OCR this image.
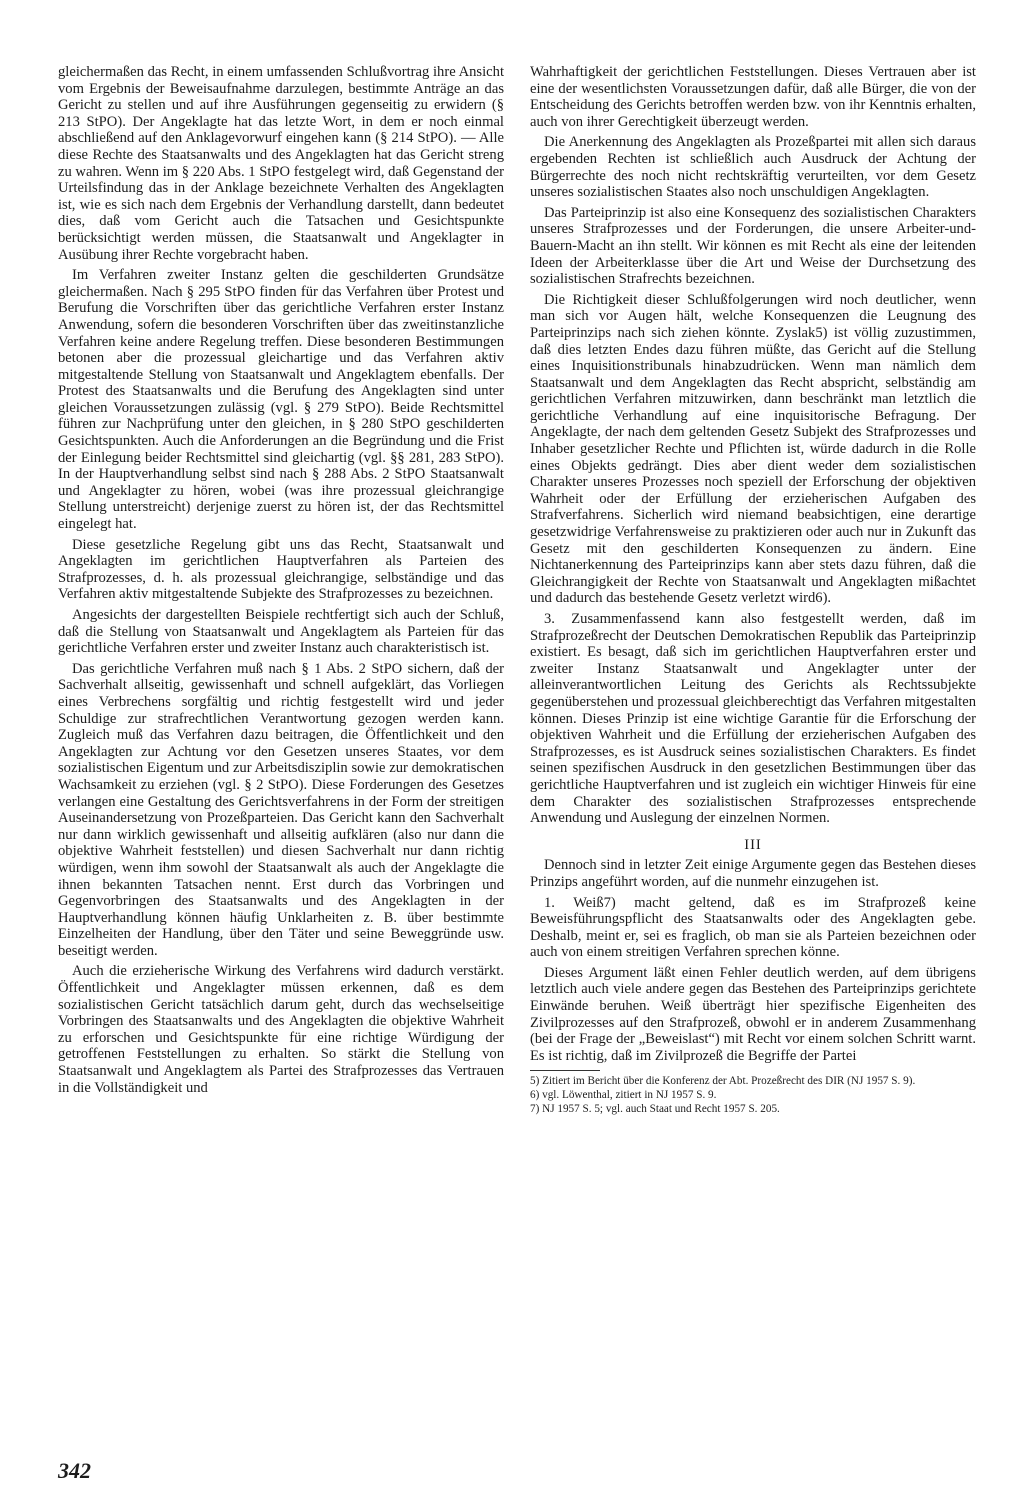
gleichermaßen das Recht, in einem umfassenden Schlußvortrag ihre Ansicht vom Ergebnis der Beweisaufnahme darzulegen, bestimmte Anträge an das Gericht zu stellen und auf ihre Ausführungen gegenseitig zu erwidern (§ 213 StPO). Der Angeklagte hat das letzte Wort, in dem er noch einmal abschließend auf den Anklagevorwurf eingehen kann (§ 214 StPO). — Alle diese Rechte des Staatsanwalts und des Angeklagten hat das Gericht streng zu wahren. Wenn im § 220 Abs. 1 StPO festgelegt wird, daß Gegenstand der Urteilsfindung das in der Anklage bezeichnete Verhalten des Angeklagten ist, wie es sich nach dem Ergebnis der Verhandlung darstellt, dann bedeutet dies, daß vom Gericht auch die Tatsachen und Gesichtspunkte berücksichtigt werden müssen, die Staatsanwalt und Angeklagter in Ausübung ihrer Rechte vorgebracht haben.

Im Verfahren zweiter Instanz gelten die geschilderten Grundsätze gleichermaßen. Nach § 295 StPO finden für das Verfahren über Protest und Berufung die Vorschriften über das gerichtliche Verfahren erster Instanz Anwendung, sofern die besonderen Vorschriften über das zweitinstanzliche Verfahren keine andere Regelung treffen. Diese besonderen Bestimmungen betonen aber die prozessual gleichartige und das Verfahren aktiv mitgestaltende Stellung von Staatsanwalt und Angeklagtem ebenfalls. Der Protest des Staatsanwalts und die Berufung des Angeklagten sind unter gleichen Voraussetzungen zulässig (vgl. § 279 StPO). Beide Rechtsmittel führen zur Nachprüfung unter den gleichen, in § 280 StPO geschilderten Gesichtspunkten. Auch die Anforderungen an die Begründung und die Frist der Einlegung beider Rechtsmittel sind gleichartig (vgl. §§ 281, 283 StPO). In der Hauptverhandlung selbst sind nach § 288 Abs. 2 StPO Staatsanwalt und Angeklagter zu hören, wobei (was ihre prozessual gleichrangige Stellung unterstreicht) derjenige zuerst zu hören ist, der das Rechtsmittel eingelegt hat.

Diese gesetzliche Regelung gibt uns das Recht, Staatsanwalt und Angeklagten im gerichtlichen Hauptverfahren als Parteien des Strafprozesses, d. h. als prozessual gleichrangige, selbständige und das Verfahren aktiv mitgestaltende Subjekte des Strafprozesses zu bezeichnen.

Angesichts der dargestellten Beispiele rechtfertigt sich auch der Schluß, daß die Stellung von Staatsanwalt und Angeklagtem als Parteien für das gerichtliche Verfahren erster und zweiter Instanz auch charakteristisch ist.

Das gerichtliche Verfahren muß nach § 1 Abs. 2 StPO sichern, daß der Sachverhalt allseitig, gewissenhaft und schnell aufgeklärt, das Vorliegen eines Verbrechens sorgfältig und richtig festgestellt wird und jeder Schuldige zur strafrechtlichen Verantwortung gezogen werden kann. Zugleich muß das Verfahren dazu beitragen, die Öffentlichkeit und den Angeklagten zur Achtung vor den Gesetzen unseres Staates, vor dem sozialistischen Eigentum und zur Arbeitsdisziplin sowie zur demokratischen Wachsamkeit zu erziehen (vgl. § 2 StPO). Diese Forderungen des Gesetzes verlangen eine Gestaltung des Gerichtsverfahrens in der Form der streitigen Auseinandersetzung von Prozeßparteien. Das Gericht kann den Sachverhalt nur dann wirklich gewissenhaft und allseitig aufklären (also nur dann die objektive Wahrheit feststellen) und diesen Sachverhalt nur dann richtig würdigen, wenn ihm sowohl der Staatsanwalt als auch der Angeklagte die ihnen bekannten Tatsachen nennt. Erst durch das Vorbringen und Gegenvorbringen des Staatsanwalts und des Angeklagten in der Hauptverhandlung können häufig Unklarheiten z. B. über bestimmte Einzelheiten der Handlung, über den Täter und seine Beweggründe usw. beseitigt werden.

Auch die erzieherische Wirkung des Verfahrens wird dadurch verstärkt. Öffentlichkeit und Angeklagter müssen erkennen, daß es dem sozialistischen Gericht tatsächlich darum geht, durch das wechselseitige Vorbringen des Staatsanwalts und des Angeklagten die objektive Wahrheit zu erforschen und Gesichtspunkte für eine richtige Würdigung der getroffenen Feststellungen zu erhalten. So stärkt die Stellung von Staatsanwalt und Angeklagtem als Partei des Strafprozesses das Vertrauen in die Vollständigkeit und

Wahrhaftigkeit der gerichtlichen Feststellungen. Dieses Vertrauen aber ist eine der wesentlichsten Voraussetzungen dafür, daß alle Bürger, die von der Entscheidung des Gerichts betroffen werden bzw. von ihr Kenntnis erhalten, auch von ihrer Gerechtigkeit überzeugt werden.

Die Anerkennung des Angeklagten als Prozeßpartei mit allen sich daraus ergebenden Rechten ist schließlich auch Ausdruck der Achtung der Bürgerrechte des noch nicht rechtskräftig verurteilten, vor dem Gesetz unseres sozialistischen Staates also noch unschuldigen Angeklagten.

Das Parteiprinzip ist also eine Konsequenz des sozialistischen Charakters unseres Strafprozesses und der Forderungen, die unsere Arbeiter-und-Bauern-Macht an ihn stellt. Wir können es mit Recht als eine der leitenden Ideen der Arbeiterklasse über die Art und Weise der Durchsetzung des sozialistischen Strafrechts bezeichnen.

Die Richtigkeit dieser Schlußfolgerungen wird noch deutlicher, wenn man sich vor Augen hält, welche Konsequenzen die Leugnung des Parteiprinzips nach sich ziehen könnte. Zyslak5) ist völlig zuzustimmen, daß dies letzten Endes dazu führen müßte, das Gericht auf die Stellung eines Inquisitionstribunals hinabzudrücken. Wenn man nämlich dem Staatsanwalt und dem Angeklagten das Recht abspricht, selbständig am gerichtlichen Verfahren mitzuwirken, dann beschränkt man letztlich die gerichtliche Verhandlung auf eine inquisitorische Befragung. Der Angeklagte, der nach dem geltenden Gesetz Subjekt des Strafprozesses und Inhaber gesetzlicher Rechte und Pflichten ist, würde dadurch in die Rolle eines Objekts gedrängt. Dies aber dient weder dem sozialistischen Charakter unseres Prozesses noch speziell der Erforschung der objektiven Wahrheit oder der Erfüllung der erzieherischen Aufgaben des Strafverfahrens. Sicherlich wird niemand beabsichtigen, eine derartige gesetzwidrige Verfahrensweise zu praktizieren oder auch nur in Zukunft das Gesetz mit den geschilderten Konsequenzen zu ändern. Eine Nichtanerkennung des Parteiprinzips kann aber stets dazu führen, daß die Gleichrangigkeit der Rechte von Staatsanwalt und Angeklagten mißachtet und dadurch das bestehende Gesetz verletzt wird6).

3. Zusammenfassend kann also festgestellt werden, daß im Strafprozeßrecht der Deutschen Demokratischen Republik das Parteiprinzip existiert. Es besagt, daß sich im gerichtlichen Hauptverfahren erster und zweiter Instanz Staatsanwalt und Angeklagter unter der alleinverantwortlichen Leitung des Gerichts als Rechtssubjekte gegenüberstehen und prozessual gleichberechtigt das Verfahren mitgestalten können. Dieses Prinzip ist eine wichtige Garantie für die Erforschung der objektiven Wahrheit und die Erfüllung der erzieherischen Aufgaben des Strafprozesses, es ist Ausdruck seines sozialistischen Charakters. Es findet seinen spezifischen Ausdruck in den gesetzlichen Bestimmungen über das gerichtliche Hauptverfahren und ist zugleich ein wichtiger Hinweis für eine dem Charakter des sozialistischen Strafprozesses entsprechende Anwendung und Auslegung der einzelnen Normen.

III

Dennoch sind in letzter Zeit einige Argumente gegen das Bestehen dieses Prinzips angeführt worden, auf die nunmehr einzugehen ist.

1. Weiß7) macht geltend, daß es im Strafprozeß keine Beweisführungspflicht des Staatsanwalts oder des Angeklagten gebe. Deshalb, meint er, sei es fraglich, ob man sie als Parteien bezeichnen oder auch von einem streitigen Verfahren sprechen könne.

Dieses Argument läßt einen Fehler deutlich werden, auf dem übrigens letztlich auch viele andere gegen das Bestehen des Parteiprinzips gerichtete Einwände beruhen. Weiß überträgt hier spezifische Eigenheiten des Zivilprozesses auf den Strafprozeß, obwohl er in anderem Zusammenhang (bei der Frage der „Beweislast“) mit Recht vor einem solchen Schritt warnt. Es ist richtig, daß im Zivilprozeß die Begriffe der Partei

5) Zitiert im Bericht über die Konferenz der Abt. Prozeßrecht des DIR (NJ 1957 S. 9).

6) vgl. Löwenthal, zitiert in NJ 1957 S. 9.

7) NJ 1957 S. 5; vgl. auch Staat und Recht 1957 S. 205.

342
